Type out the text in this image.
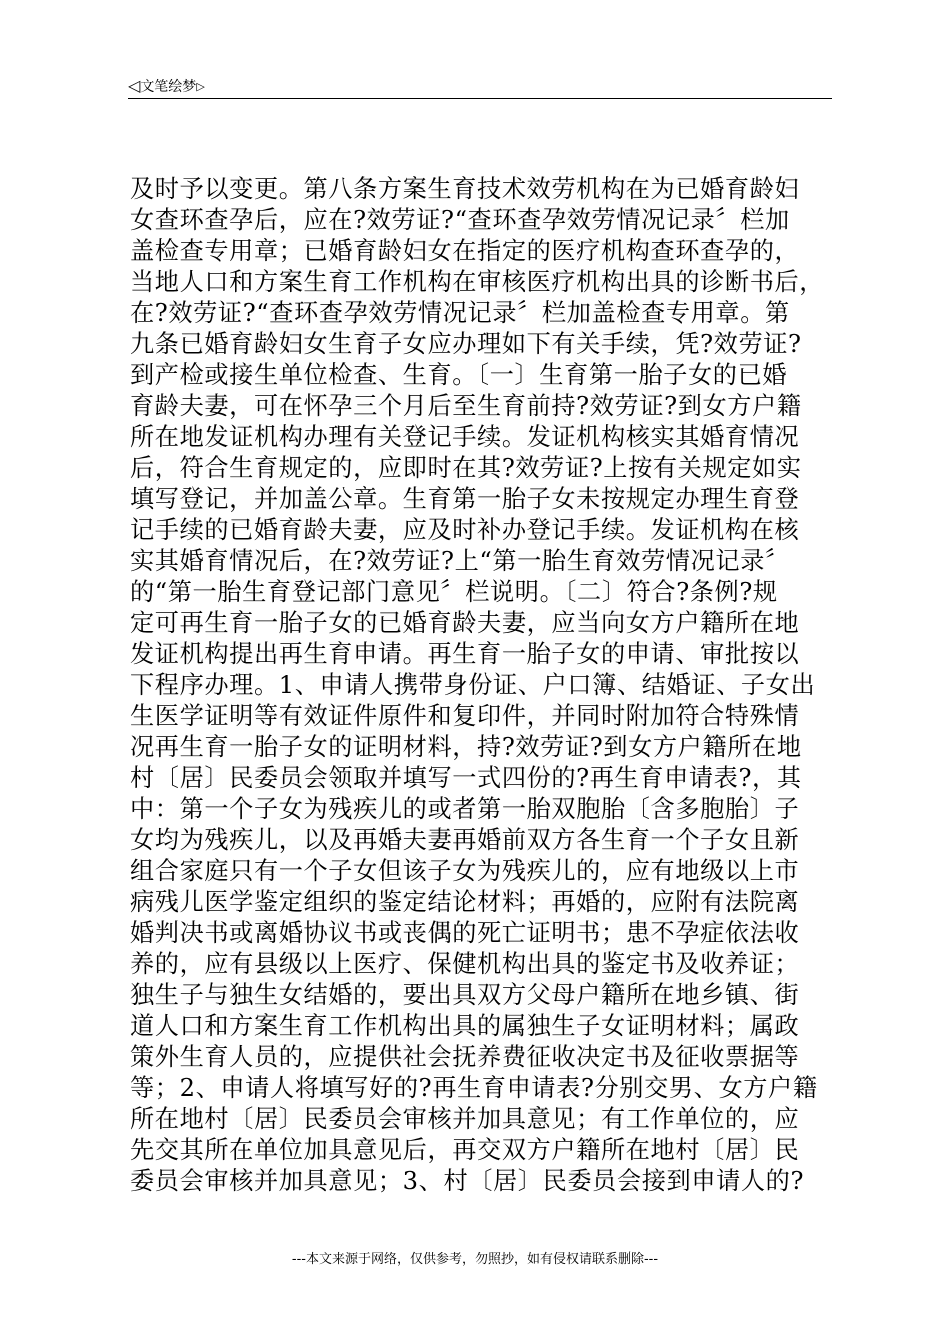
◁文笔绘梦▷
及时予以变更。第八条方案生育技术效劳机构在为已婚育龄妇
女查环查孕后，应在?效劳证?“查环查孕效劳情况记录〞栏加
盖检查专用章；已婚育龄妇女在指定的医疗机构查环查孕的，
当地人口和方案生育工作机构在审核医疗机构出具的诊断书后，
在?效劳证?“查环查孕效劳情况记录〞栏加盖检查专用章。第
九条已婚育龄妇女生育子女应办理如下有关手续，凭?效劳证?
到产检或接生单位检查、生育。〔一〕生育第一胎子女的已婚
育龄夫妻，可在怀孕三个月后至生育前持?效劳证?到女方户籍
所在地发证机构办理有关登记手续。发证机构核实其婚育情况
后，符合生育规定的，应即时在其?效劳证?上按有关规定如实
填写登记，并加盖公章。生育第一胎子女未按规定办理生育登
记手续的已婚育龄夫妻，应及时补办登记手续。发证机构在核
实其婚育情况后，在?效劳证?上“第一胎生育效劳情况记录〞
的“第一胎生育登记部门意见〞栏说明。〔二〕符合?条例?规
定可再生育一胎子女的已婚育龄夫妻，应当向女方户籍所在地
发证机构提出再生育申请。再生育一胎子女的申请、审批按以
下程序办理。1、申请人携带身份证、户口簿、结婚证、子女出
生医学证明等有效证件原件和复印件，并同时附加符合特殊情
况再生育一胎子女的证明材料，持?效劳证?到女方户籍所在地
村〔居〕民委员会领取并填写一式四份的?再生育申请表?，其
中：第一个子女为残疾儿的或者第一胎双胞胎〔含多胞胎〕子
女均为残疾儿，以及再婚夫妻再婚前双方各生育一个子女且新
组合家庭只有一个子女但该子女为残疾儿的，应有地级以上市
病残儿医学鉴定组织的鉴定结论材料；再婚的，应附有法院离
婚判决书或离婚协议书或丧偶的死亡证明书；患不孕症依法收
养的，应有县级以上医疗、保健机构出具的鉴定书及收养证；
独生子与独生女结婚的，要出具双方父母户籍所在地乡镇、街
道人口和方案生育工作机构出具的属独生子女证明材料；属政
策外生育人员的，应提供社会抚养费征收决定书及征收票据等
等；2、申请人将填写好的?再生育申请表?分别交男、女方户籍
所在地村〔居〕民委员会审核并加具意见；有工作单位的，应
先交其所在单位加具意见后，再交双方户籍所在地村〔居〕民
委员会审核并加具意见；3、村〔居〕民委员会接到申请人的?
---本文来源于网络，仅供参考，勿照抄，如有侵权请联系删除---
